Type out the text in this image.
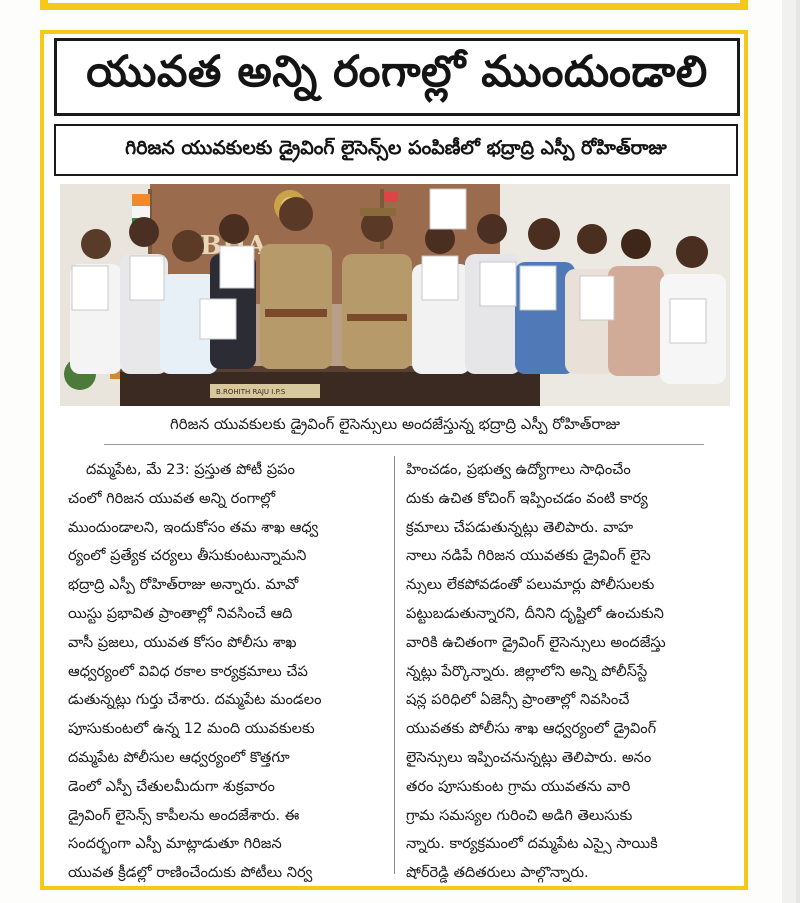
యువత అన్ని రంగాల్లో ముందుండాలి
గిరిజన యువకులకు డ్రైవింగ్ లైసెన్స్‌ల పంపిణీలో భద్రాద్రి ఎస్పీ రోహిత్‌రాజు
B.ROHITH RAJU I.P.S
గిరిజన యువకులకు డ్రైవింగ్ లైసెన్సులు అందజేస్తున్న భద్రాద్రి ఎస్పీ రోహిత్‌రాజు
దమ్మపేట, మే 23: ప్రస్తుత పోటీ ప్రపం
చంలో గిరిజన యువత అన్ని రంగాల్లో
ముందుండాలని, ఇందుకోసం తమ శాఖ ఆధ్వ
ర్యంలో ప్రత్యేక చర్యలు తీసుకుంటున్నామని
భద్రాద్రి ఎస్పీ రోహిత్‌రాజు అన్నారు. మావో
యిస్టు ప్రభావిత ప్రాంతాల్లో నివసించే ఆది
వాసీ ప్రజలు, యువత కోసం పోలీసు శాఖ
ఆధ్వర్యంలో వివిధ రకాల కార్యక్రమాలు చేప
డుతున్నట్లు గుర్తు చేశారు. దమ్మపేట మండలం
పూసుకుంటలో ఉన్న 12 మంది యువకులకు
దమ్మపేట పోలీసుల ఆధ్వర్యంలో కొత్తగూ
డెంలో ఎస్పీ చేతులమీదుగా శుక్రవారం
డ్రైవింగ్ లైసెన్స్ కాపీలను అందజేశారు. ఈ
సందర్భంగా ఎస్పీ మాట్లాడుతూ గిరిజన
యువత క్రీడల్లో రాణించేందుకు పోటీలు నిర్వ
హించడం, ప్రభుత్వ ఉద్యోగాలు సాధించేం
దుకు ఉచిత కోచింగ్ ఇప్పించడం వంటి కార్య
క్రమాలు చేపడుతున్నట్లు తెలిపారు. వాహ
నాలు నడిపే గిరిజన యువతకు డ్రైవింగ్ లైసె
న్సులు లేకపోవడంతో పలుమార్లు పోలీసులకు
పట్టుబడుతున్నారని, దీనిని దృష్టిలో ఉంచుకుని
వారికి ఉచితంగా డ్రైవింగ్ లైసెన్సులు అందజేస్తు
న్నట్లు పేర్కొన్నారు. జిల్లాలోని అన్ని పోలీస్‌స్టే
షన్ల పరిధిలో ఏజెన్సీ ప్రాంతాల్లో నివసించే
యువతకు పోలీసు శాఖ ఆధ్వర్యంలో డ్రైవింగ్
లైసెన్సులు ఇప్పించనున్నట్లు తెలిపారు. అనం
తరం పూసుకుంట గ్రామ యువతను వారి
గ్రామ సమస్యల గురించి అడిగి తెలుసుకు
న్నారు. కార్యక్రమంలో దమ్మపేట ఎస్సై సాయికి
షోర్‌రెడ్డి తదితరులు పాల్గొన్నారు.
